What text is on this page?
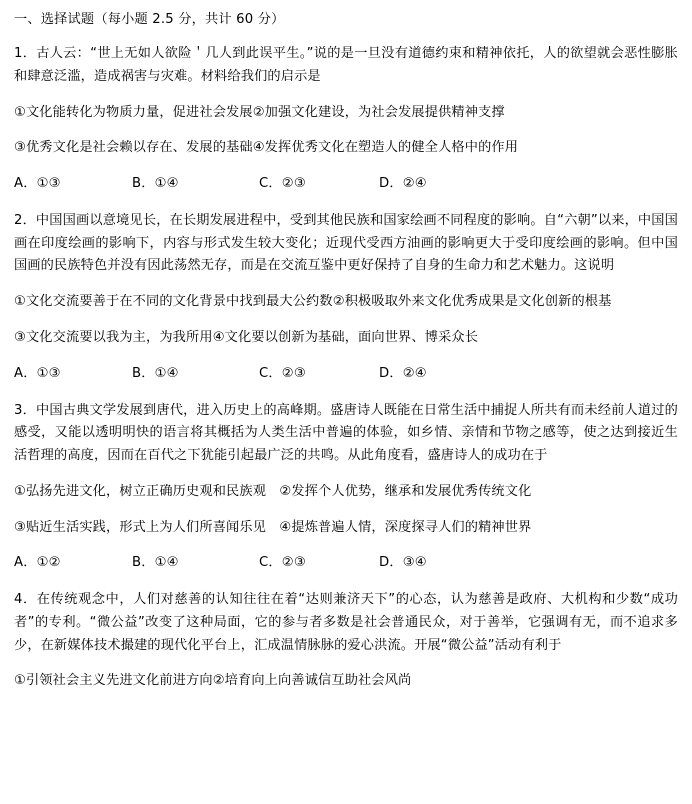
一、选择试题（每小题 2.5 分，共计 60 分）
1．古人云：“世上无如人欲险＇几人到此误平生。”说的是一旦没有道德约束和精神依托，人的欲望就会恶性膨胀和肆意泛滥，造成祸害与灾难。材料给我们的启示是
①文化能转化为物质力量，促进社会发展②加强文化建设，为社会发展提供精神支撑
③优秀文化是社会赖以存在、发展的基础④发挥优秀文化在塑造人的健全人格中的作用
A．①③	B．①④	C．②③	D．②④
2．中国国画以意境见长，在长期发展进程中，受到其他民族和国家绘画不同程度的影响。自“六朝”以来，中国国画在印度绘画的影响下，内容与形式发生较大变化；近现代受西方油画的影响更大于受印度绘画的影响。但中国国画的民族特色并没有因此荡然无存，而是在交流互鉴中更好保持了自身的生命力和艺术魅力。这说明
①文化交流要善于在不同的文化背景中找到最大公约数②积极吸取外来文化优秀成果是文化创新的根基
③文化交流要以我为主，为我所用④文化要以创新为基础，面向世界、博采众长
A．①③	B．①④	C．②③	D．②④
3．中国古典文学发展到唐代，进入历史上的高峰期。盛唐诗人既能在日常生活中捕捉人所共有而未经前人道过的感受，又能以透明明快的语言将其概括为人类生活中普遍的体验，如乡情、亲情和节物之感等，使之达到接近生活哲理的高度，因而在百代之下犹能引起最广泛的共鸣。从此角度看，盛唐诗人的成功在于
①弘扬先进文化，树立正确历史观和民族观　②发挥个人优势，继承和发展优秀传统文化
③贴近生活实践，形式上为人们所喜闻乐见　④提炼普遍人情，深度探寻人们的精神世界
A．①②	B．①④	C．②③	D．③④
4．在传统观念中，人们对慈善的认知往往在着“达则兼济天下”的心态，认为慈善是政府、大机构和少数“成功者”的专利。“微公益”改变了这种局面，它的参与者多数是社会普通民众，对于善举，它强调有无，而不追求多少，在新媒体技术撮建的现代化平台上，汇成温情脉脉的爱心洪流。开展“微公益”活动有利于
①引领社会主义先进文化前进方向②培育向上向善诚信互助社会风尚
